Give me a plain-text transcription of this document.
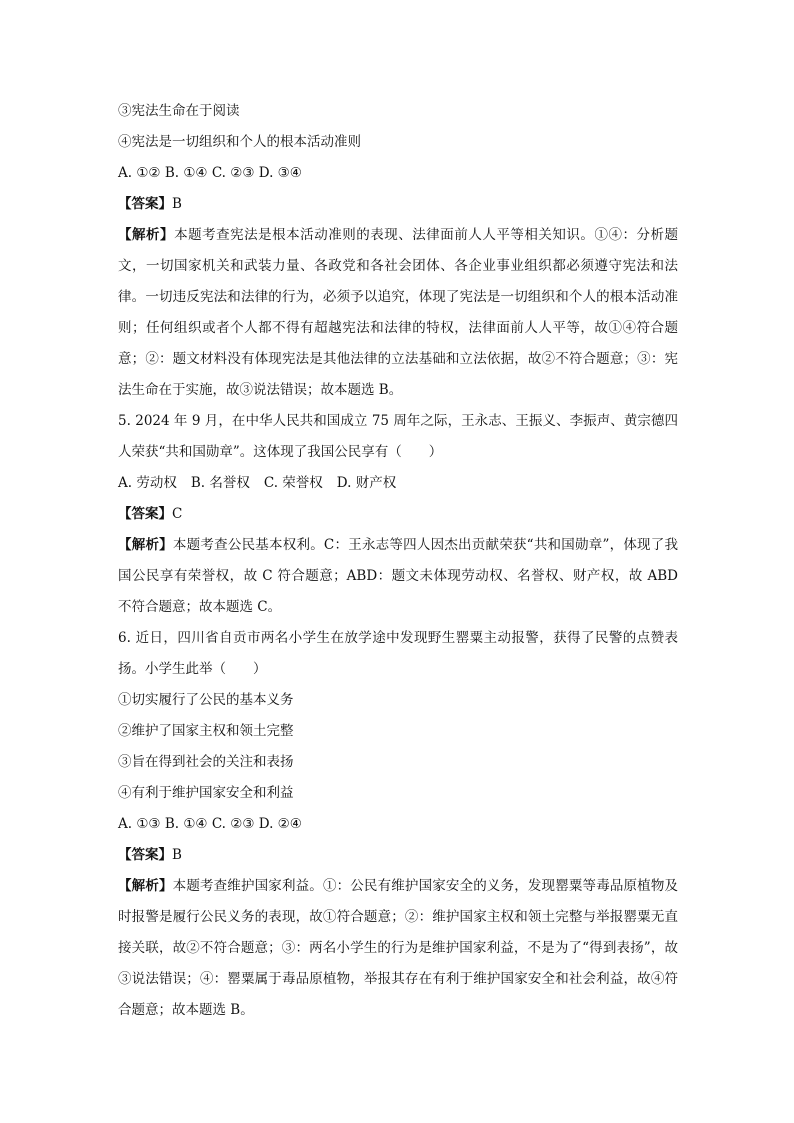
③宪法生命在于阅读

④宪法是一切组织和个人的根本活动准则

A. ①② B. ①④ C. ②③ D. ③④

【答案】B

【解析】本题考查宪法是根本活动准则的表现、法律面前人人平等相关知识。①④：分析题文，一切国家机关和武装力量、各政党和各社会团体、各企业事业组织都必须遵守宪法和法律。一切违反宪法和法律的行为，必须予以追究，体现了宪法是一切组织和个人的根本活动准则；任何组织或者个人都不得有超越宪法和法律的特权，法律面前人人平等，故①④符合题意；②：题文材料没有体现宪法是其他法律的立法基础和立法依据，故②不符合题意；③：宪法生命在于实施，故③说法错误；故本题选 B。

5. 2024 年 9 月，在中华人民共和国成立 75 周年之际，王永志、王振义、李振声、黄宗德四人荣获“共和国勋章”。这体现了我国公民享有（　　）

A. 劳动权 B. 名誉权 C. 荣誉权 D. 财产权

【答案】C

【解析】本题考查公民基本权利。C：王永志等四人因杰出贡献荣获“共和国勋章”，体现了我国公民享有荣誉权，故 C 符合题意；ABD：题文未体现劳动权、名誉权、财产权，故 ABD 不符合题意；故本题选 C。

6. 近日，四川省自贡市两名小学生在放学途中发现野生罂粟主动报警，获得了民警的点赞表扬。小学生此举（　　）

①切实履行了公民的基本义务

②维护了国家主权和领土完整

③旨在得到社会的关注和表扬

④有利于维护国家安全和利益

A. ①③ B. ①④ C. ②③ D. ②④

【答案】B

【解析】本题考查维护国家利益。①：公民有维护国家安全的义务，发现罂粟等毒品原植物及时报警是履行公民义务的表现，故①符合题意；②：维护国家主权和领土完整与举报罂粟无直接关联，故②不符合题意；③：两名小学生的行为是维护国家利益，不是为了“得到表扬”，故③说法错误；④：罂粟属于毒品原植物，举报其存在有利于维护国家安全和社会利益，故④符合题意；故本题选 B。
